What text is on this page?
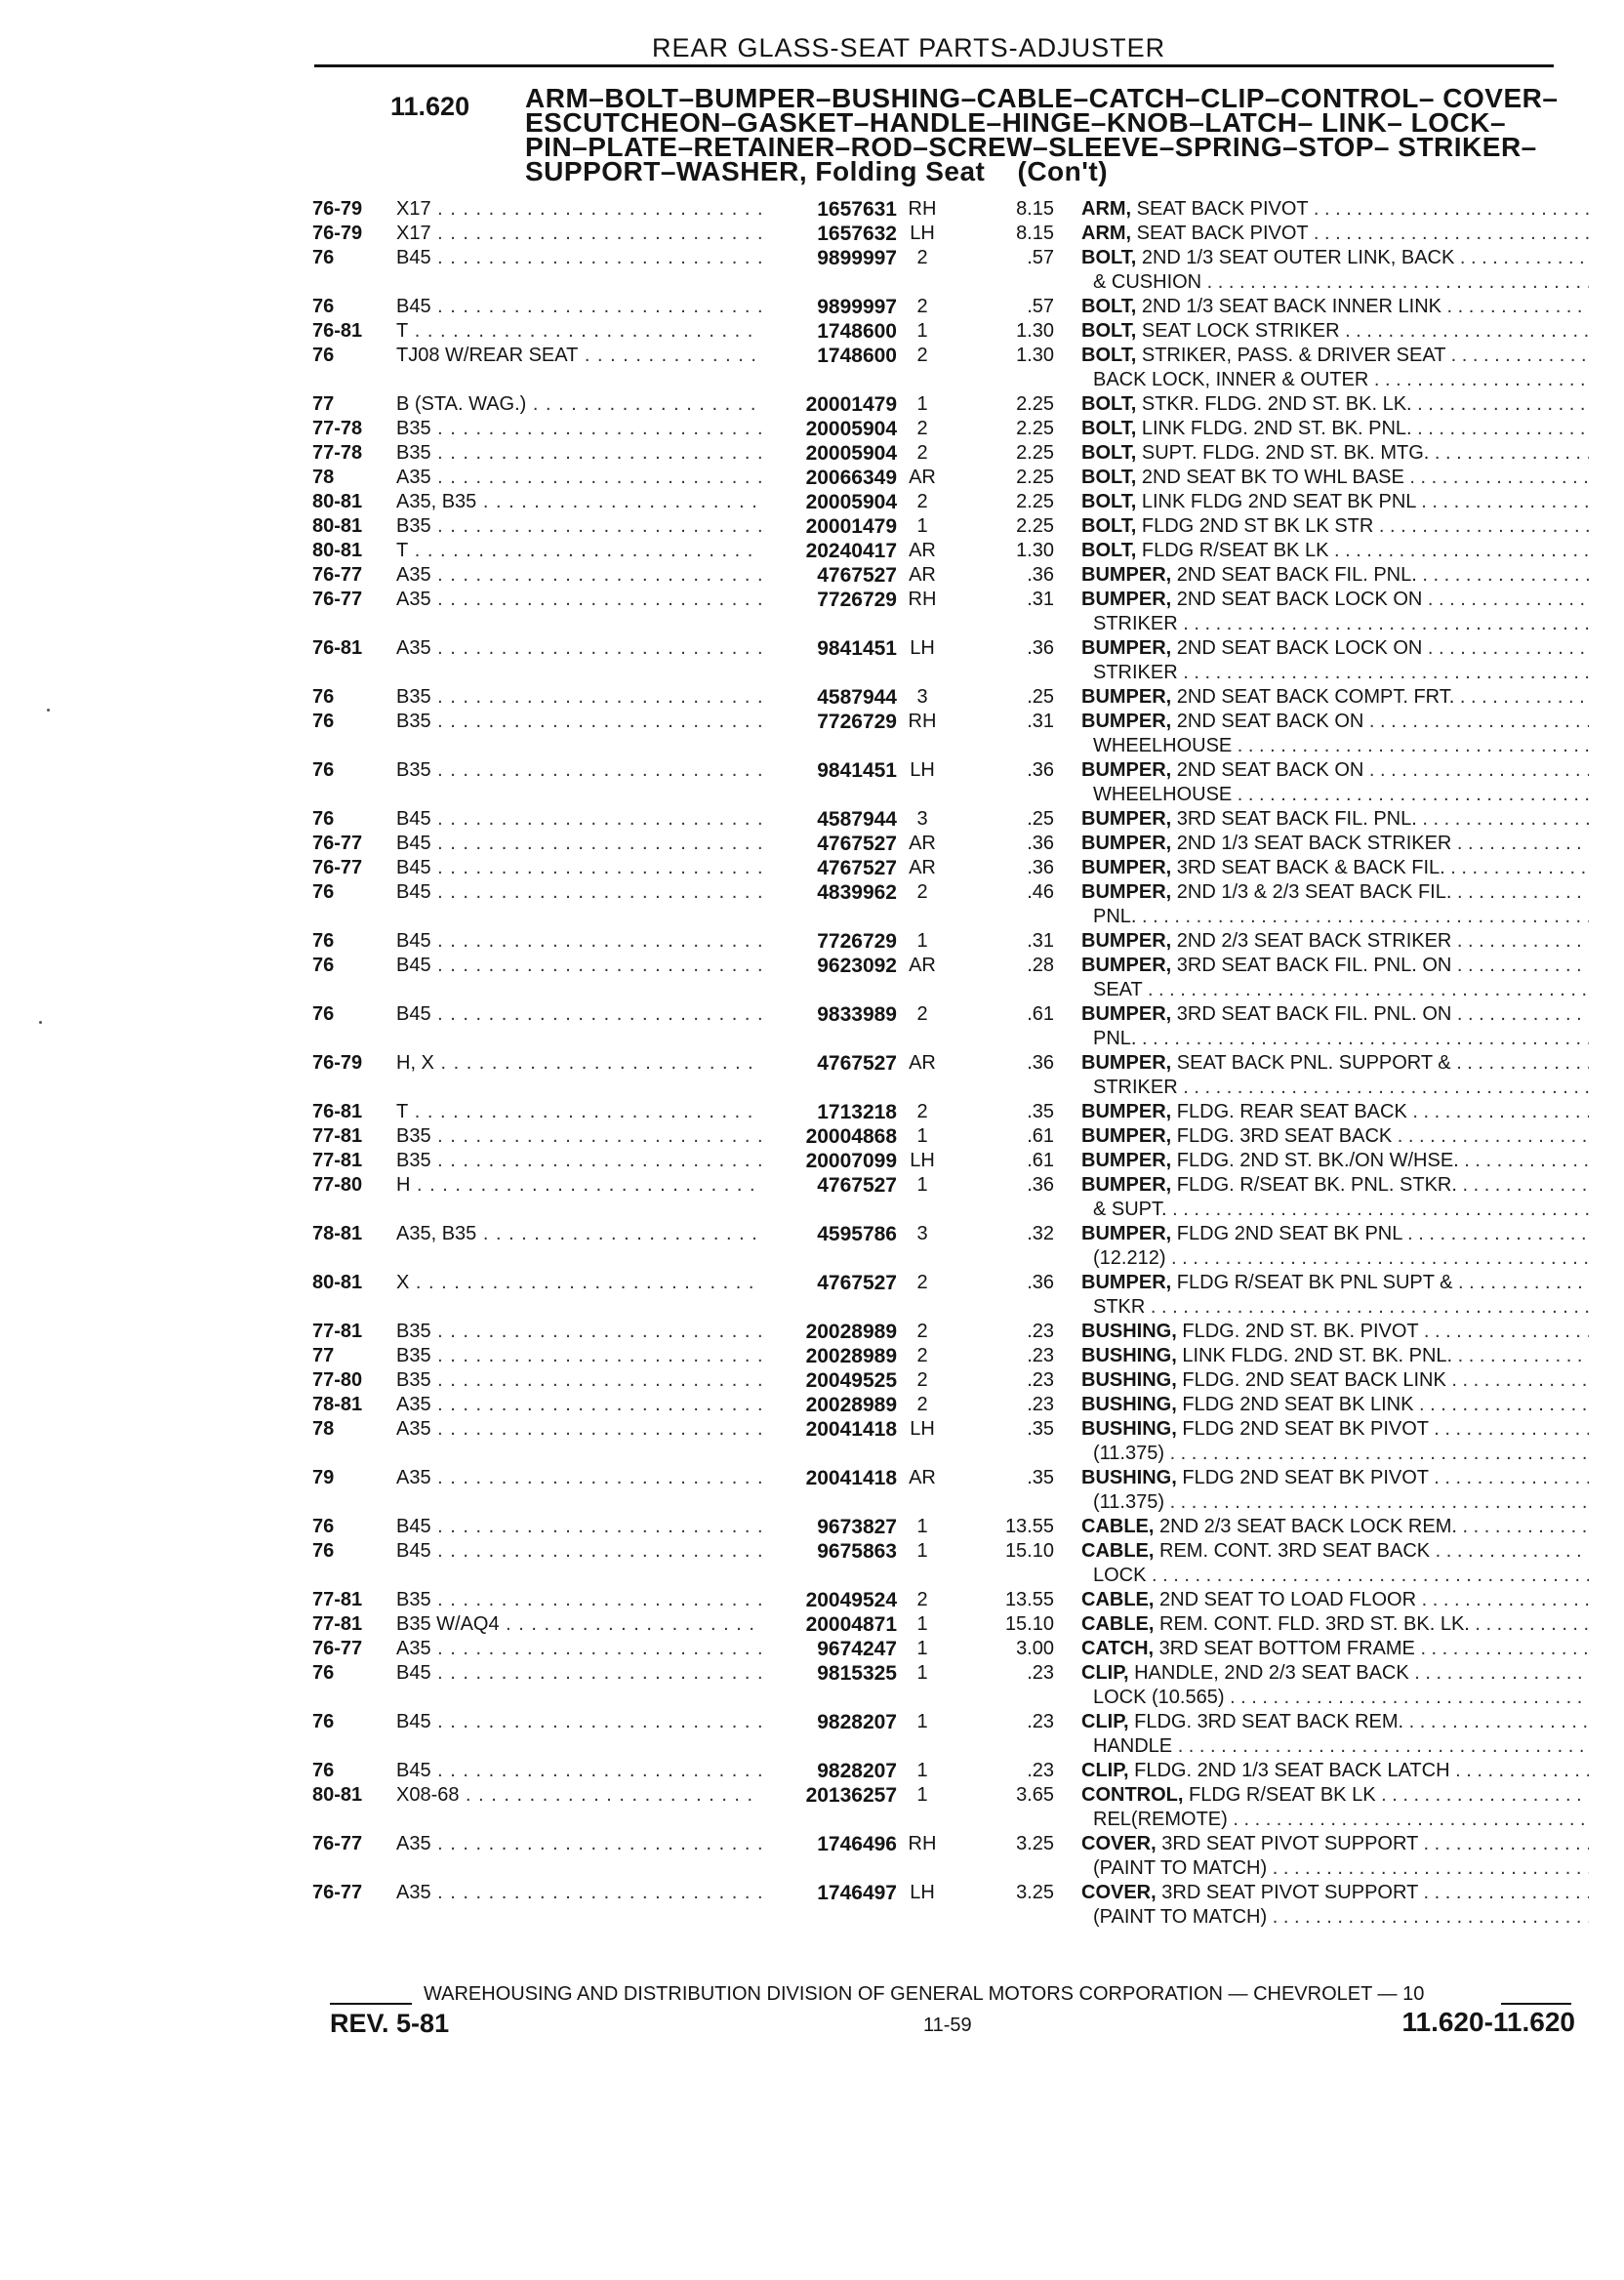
REAR GLASS-SEAT PARTS-ADJUSTER
11.620 ARM–BOLT–BUMPER–BUSHING–CABLE–CATCH–CLIP–CONTROL– COVER–ESCUTCHEON–GASKET–HANDLE–HINGE–KNOB–LATCH– LINK– LOCK–PIN–PLATE–RETAINER–ROD–SCREW–SLEEVE–SPRING–STOP– STRIKER–SUPPORT–WASHER, Folding Seat (Con't)
76-79	X17 . . .	1657631 RH	8.15 ARM, SEAT BACK PIVOT . . .
76-79	X17 . . .	1657632 LH	8.15 ARM, SEAT BACK PIVOT . . .
76	B45 . . .	9899997	2	.57 BOLT, 2ND 1/3 SEAT OUTER LINK, BACK . . .
& CUSHION . . .
76	B45 . . .	9899997	2	.57 BOLT, 2ND 1/3 SEAT BACK INNER LINK . . .
76-81	T . . .	1748600	1	1.30 BOLT, SEAT LOCK STRIKER . . .
76	TJ08 W/REAR SEAT . . .	1748600	2	1.30 BOLT, STRIKER, PASS. & DRIVER SEAT . . .
BACK LOCK, INNER & OUTER . . .
77	B (STA. WAG.) . . .	20001479	1	2.25 BOLT, STKR. FLDG. 2ND ST. BK. LK. . . .
77-78	B35 . . .	20005904	2	2.25 BOLT, LINK FLDG. 2ND ST. BK. PNL. . . .
77-78	B35 . . .	20005904	2	2.25 BOLT, SUPT. FLDG. 2ND ST. BK. MTG. . . .
78	A35 . . .	20066349 AR	2.25 BOLT, 2ND SEAT BK TO WHL BASE . . .
80-81	A35, B35 . . .	20005904	2	2.25 BOLT, LINK FLDG 2ND SEAT BK PNL . . .
80-81	B35 . . .	20001479	1	2.25 BOLT, FLDG 2ND ST BK LK STR . . .
80-81	T . . .	20240417 AR	1.30 BOLT, FLDG R/SEAT BK LK . . .
76-77	A35 . . .	4767527 AR	.36 BUMPER, 2ND SEAT BACK FIL. PNL. . . .
76-77	A35 . . .	7726729 RH	.31 BUMPER, 2ND SEAT BACK LOCK ON . . .
STRIKER . . .
76-81	A35 . . .	9841451 LH	.36 BUMPER, 2ND SEAT BACK LOCK ON . . .
STRIKER . . .
76	B35 . . .	4587944	3	.25 BUMPER, 2ND SEAT BACK COMPT. FRT. . . .
76	B35 . . .	7726729 RH	.31 BUMPER, 2ND SEAT BACK ON . . .
WHEELHOUSE . . .
76	B35 . . .	9841451 LH	.36 BUMPER, 2ND SEAT BACK ON . . .
WHEELHOUSE . . .
76	B45 . . .	4587944	3	.25 BUMPER, 3RD SEAT BACK FIL. PNL. . . .
76-77	B45 . . .	4767527 AR	.36 BUMPER, 2ND 1/3 SEAT BACK STRIKER . . .
76-77	B45 . . .	4767527 AR	.36 BUMPER, 3RD SEAT BACK & BACK FIL. . . .
76	B45 . . .	4839962	2	.46 BUMPER, 2ND 1/3 & 2/3 SEAT BACK FIL. . . .
PNL. . . .
76	B45 . . .	7726729	1	.31 BUMPER, 2ND 2/3 SEAT BACK STRIKER . . .
76	B45 . . .	9623092 AR	.28 BUMPER, 3RD SEAT BACK FIL. PNL. ON . . .
SEAT . . .
76	B45 . . .	9833989	2	.61 BUMPER, 3RD SEAT BACK FIL. PNL. ON . . .
PNL. . . .
76-79	H, X . . .	4767527 AR	.36 BUMPER, SEAT BACK PNL. SUPPORT & . . .
STRIKER . . .
76-81	T . . .	1713218	2	.35 BUMPER, FLDG. REAR SEAT BACK . . .
77-81	B35 . . .	20004868	1	.61 BUMPER, FLDG. 3RD SEAT BACK . . .
77-81	B35 . . .	20007099 LH	.61 BUMPER, FLDG. 2ND ST. BK./ON W/HSE. . . .
77-80	H . . .	4767527	1	.36 BUMPER, FLDG. R/SEAT BK. PNL. STKR. . . .
& SUPT. . . .
78-81	A35, B35 . . .	4595786	3	.32 BUMPER, FLDG 2ND SEAT BK PNL . . .
(12.212) . . .
80-81	X . . .	4767527	2	.36 BUMPER, FLDG R/SEAT BK PNL SUPT & . . .
STKR . . .
77-81	B35 . . .	20028989	2	.23 BUSHING, FLDG. 2ND ST. BK. PIVOT . . .
77	B35 . . .	20028989	2	.23 BUSHING, LINK FLDG. 2ND ST. BK. PNL. . . .
77-80	B35 . . .	20049525	2	.23 BUSHING, FLDG. 2ND SEAT BACK LINK . . .
78-81	A35 . . .	20028989	2	.23 BUSHING, FLDG 2ND SEAT BK LINK . . .
78	A35 . . .	20041418 LH	.35 BUSHING, FLDG 2ND SEAT BK PIVOT . . .
(11.375) . . .
79	A35 . . .	20041418 AR	.35 BUSHING, FLDG 2ND SEAT BK PIVOT . . .
(11.375) . . .
76	B45 . . .	9673827	1	13.55 CABLE, 2ND 2/3 SEAT BACK LOCK REM. . . .
76	B45 . . .	9675863	1	15.10 CABLE, REM. CONT. 3RD SEAT BACK . . .
LOCK . . .
77-81	B35 . . .	20049524	2	13.55 CABLE, 2ND SEAT TO LOAD FLOOR . . .
77-81	B35 W/AQ4 . . .	20004871	1	15.10 CABLE, REM. CONT. FLD. 3RD ST. BK. LK. . . .
76-77	A35 . . .	9674247	1	3.00 CATCH, 3RD SEAT BOTTOM FRAME . . .
76	B45 . . .	9815325	1	.23 CLIP, HANDLE, 2ND 2/3 SEAT BACK . . .
LOCK (10.565) . . .
76	B45 . . .	9828207	1	.23 CLIP, FLDG. 3RD SEAT BACK REM. . . .
HANDLE . . .
76	B45 . . .	9828207	1	.23 CLIP, FLDG. 2ND 1/3 SEAT BACK LATCH . . .
80-81	X08-68 . . .	20136257	1	3.65 CONTROL, FLDG R/SEAT BK LK . . .
REL(REMOTE) . . .
76-77	A35 . . .	1746496 RH	3.25 COVER, 3RD SEAT PIVOT SUPPORT . . .
(PAINT TO MATCH) . . .
76-77	A35 . . .	1746497 LH	3.25 COVER, 3RD SEAT PIVOT SUPPORT . . .
(PAINT TO MATCH) . . .
WAREHOUSING AND DISTRIBUTION DIVISION OF GENERAL MOTORS CORPORATION — CHEVROLET — 10
REV. 5-81	11-59	11.620-11.620
